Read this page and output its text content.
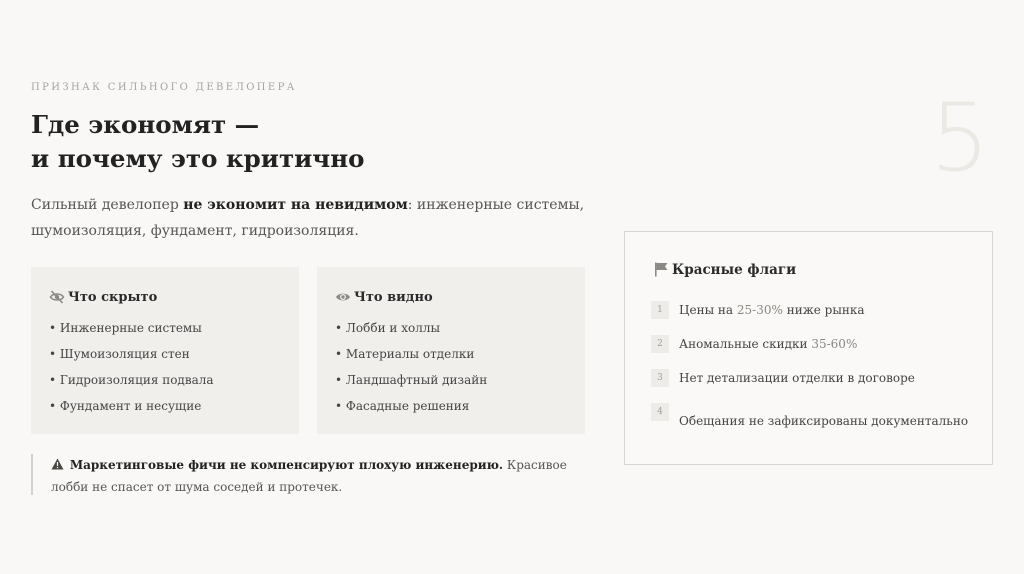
ПРИЗНАК СИЛЬНОГО ДЕВЕЛОПЕРА
Где экономят —
и почему это критично	5

Сильный девелопер не экономит на невидимом: инженерные системы, шумоизоляция, фундамент, гидроизоляция.

Что скрыто
• Инженерные системы
• Шумоизоляция стен
• Гидроизоляция подвала
• Фундамент и несущие
Что видно
• Лобби и холлы
• Материалы отделки
• Ландшафтный дизайн
• Фасадные решения
Маркетинговые фичи не компенсируют плохую инженерию. Красивое лобби не спасет от шума соседей и протечек.
Красные флаги
1	Цены на 25-30% ниже рынка
2	Аномальные скидки 35-60%
3	Нет детализации отделки в договоре
4
Обещания не зафиксированы документально
